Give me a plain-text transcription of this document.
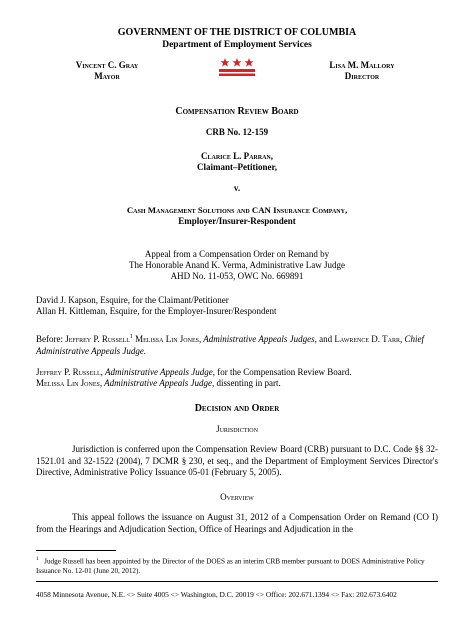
GOVERNMENT OF THE DISTRICT OF COLUMBIA
Department of Employment Services
Vincent C. Gray
Mayor
Lisa M. Mallory
Director
Compensation Review Board
CRB No. 12-159
Clarice L. Parran,
Claimant–Petitioner,
v.
Cash Management Solutions and CAN Insurance Company,
Employer/Insurer-Respondent
Appeal from a Compensation Order on Remand by
The Honorable Anand K. Verma, Administrative Law Judge
AHD No. 11-053, OWC No. 669891
David J. Kapson, Esquire, for the Claimant/Petitioner
Allan H. Kittleman, Esquire, for the Employer-Insurer/Respondent
Before: Jeffrey P. Russell$^1$ Melissa Lin Jones, Administrative Appeals Judges, and Lawrence D. Tarr, Chief Administrative Appeals Judge.
Jeffrey P. Russell, Administrative Appeals Judge, for the Compensation Review Board.
Melissa Lin Jones, Administrative Appeals Judge, dissenting in part.
Decision and Order
Jurisdiction
Jurisdiction is conferred upon the Compensation Review Board (CRB) pursuant to D.C. Code §§ 32-1521.01 and 32-1522 (2004), 7 DCMR § 230, et seq., and the Department of Employment Services Director's Directive, Administrative Policy Issuance 05-01 (February 5, 2005).
Overview
This appeal follows the issuance on August 31, 2012 of a Compensation Order on Remand (CO I) from the Hearings and Adjudication Section, Office of Hearings and Adjudication in the
$^1$ Judge Russell has been appointed by the Director of the DOES as an interim CRB member pursuant to DOES Administrative Policy Issuance No. 12-01 (June 20, 2012).
4058 Minnesota Avenue, N.E. <> Suite 4005 <> Washington, D.C. 20019 <> Office: 202.671.1394 <> Fax: 202.673.6402
